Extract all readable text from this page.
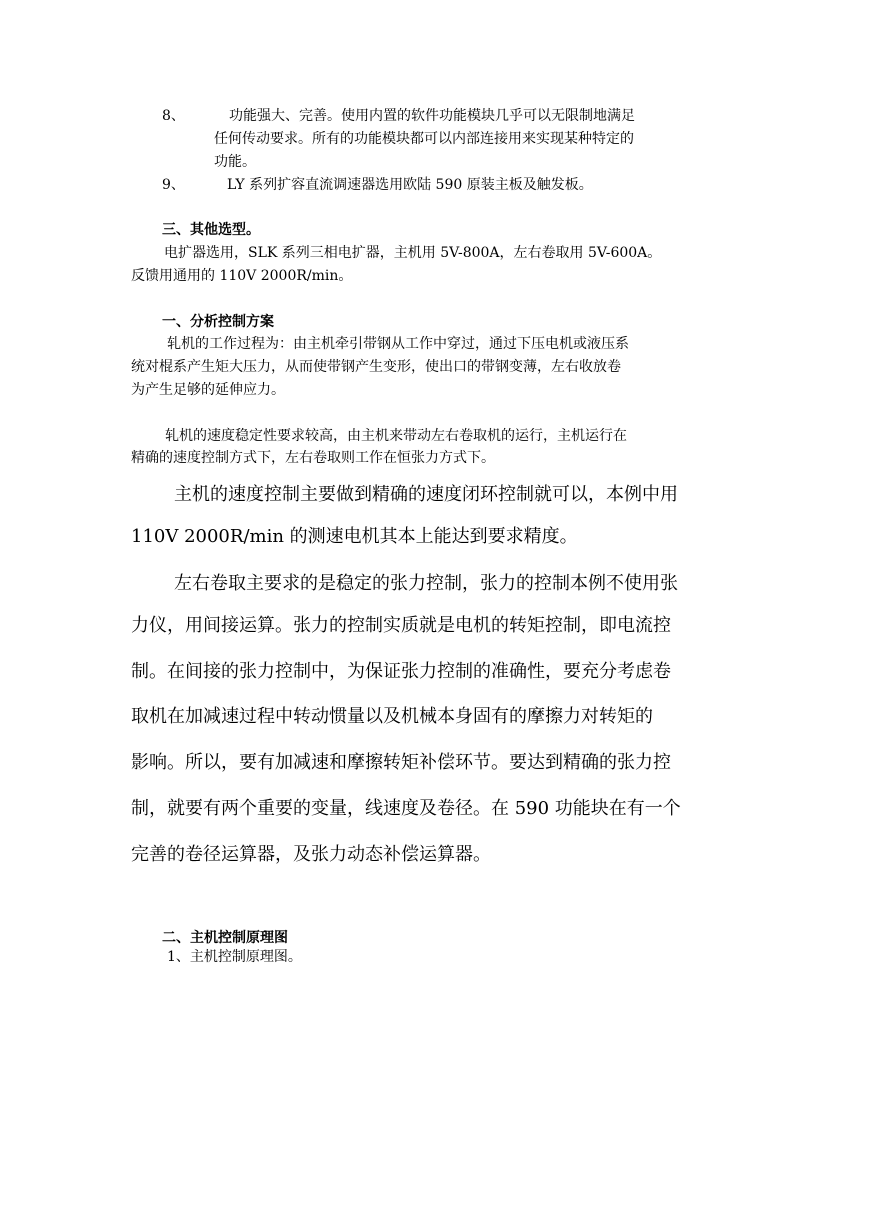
8、	功能强大、完善。使用内置的软件功能模块几乎可以无限制地满足
任何传动要求。所有的功能模块都可以内部连接用来实现某种特定的
功能。
9、	LY 系列扩容直流调速器选用欧陆 590 原装主板及触发板。
三、其他选型。
电扩器选用，SLK 系列三相电扩器，主机用 5V-800A，左右卷取用 5V-600A。
反馈用通用的 110V 2000R/min。
一、分析控制方案
轧机的工作过程为：由主机牵引带钢从工作中穿过，通过下压电机或液压系
统对棍系产生矩大压力，从而使带钢产生变形，使出口的带钢变薄，左右收放卷
为产生足够的延伸应力。
轧机的速度稳定性要求较高，由主机来带动左右卷取机的运行，主机运行在
精确的速度控制方式下，左右卷取则工作在恒张力方式下。
主机的速度控制主要做到精确的速度闭环控制就可以，本例中用
110V 2000R/min 的测速电机其本上能达到要求精度。
左右卷取主要求的是稳定的张力控制，张力的控制本例不使用张
力仪，用间接运算。张力的控制实质就是电机的转矩控制，即电流控
制。在间接的张力控制中，为保证张力控制的准确性，要充分考虑卷
取机在加减速过程中转动惯量以及机械本身固有的摩擦力对转矩的
影响。所以，要有加减速和摩擦转矩补偿环节。要达到精确的张力控
制，就要有两个重要的变量，线速度及卷径。在 590 功能块在有一个
完善的卷径运算器，及张力动态补偿运算器。
二、主机控制原理图
1、主机控制原理图。
